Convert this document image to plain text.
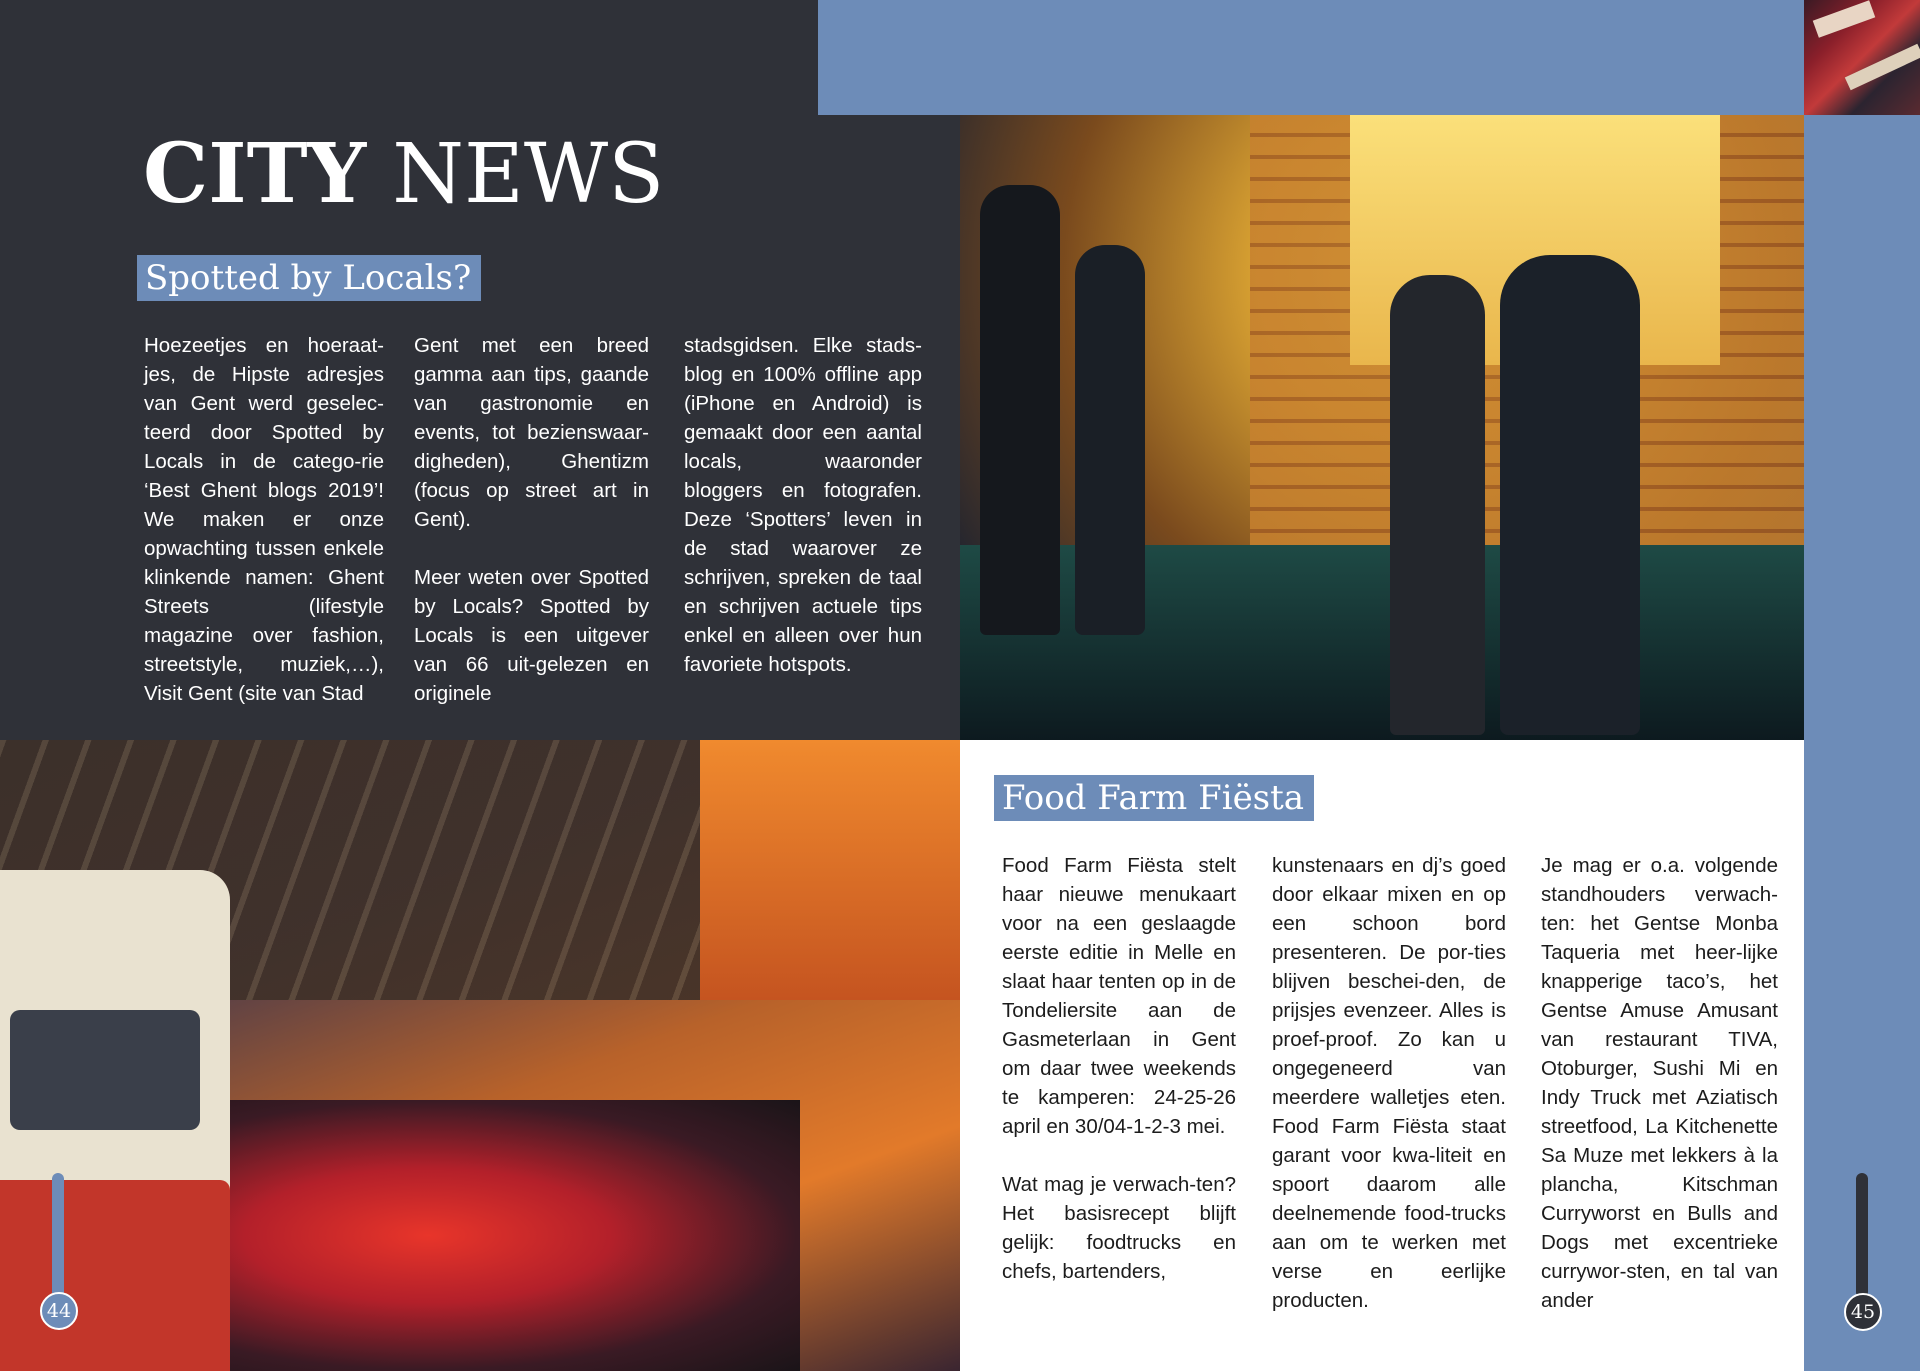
CITY NEWS
Spotted by Locals?

Hoezeetjes en hoeraat-jes, de Hipste adresjes van Gent werd geselec-teerd door Spotted by Locals in de catego-rie ‘Best Ghent blogs 2019’! We maken er onze opwachting tussen enkele klinkende namen: Ghent Streets (lifestyle magazine over fashion, streetstyle, muziek,…), Visit Gent (site van Stad

Gent met een breed gamma aan tips, gaande van gastronomie en events, tot bezienswaar-digheden), Ghentizm (focus op street art in Gent).

Meer weten over Spotted by Locals? Spotted by Locals is een uitgever van 66 uit-gelezen en originele

stadsgidsen. Elke stads-blog en 100% offline app (iPhone en Android) is gemaakt door een aantal locals, waaronder bloggers en fotografen. Deze ‘Spotters’ leven in de stad waarover ze schrijven, spreken de taal en schrijven actuele tips enkel en alleen over hun favoriete hotspots.

Food Farm Fiësta

Food Farm Fiësta stelt haar nieuwe menukaart voor na een geslaagde eerste editie in Melle en slaat haar tenten op in de Tondeliersite aan de Gasmeterlaan in Gent om daar twee weekends te kamperen: 24-25-26 april en 30/04-1-2-3 mei.

Wat mag je verwach-ten? Het basisrecept blijft gelijk: foodtrucks en chefs, bartenders,

kunstenaars en dj’s goed door elkaar mixen en op een schoon bord presenteren. De por-ties blijven beschei-den, de prijsjes evenzeer. Alles is proef-proof. Zo kan u ongegeneerd van meerdere walletjes eten. Food Farm Fiësta staat garant voor kwa-liteit en spoort daarom alle deelnemende food-trucks aan om te werken met verse en eerlijke producten.

Je mag er o.a. volgende standhouders verwach-ten: het Gentse Monba Taqueria met heer-lijke knapperige taco’s, het Gentse Amuse Amusant van restaurant TIVA, Otoburger, Sushi Mi en Indy Truck met Aziatisch streetfood, La Kitchenette Sa Muze met lekkers à la plancha, Kitschman Curryworst en Bulls and Dogs met excentrieke currywor-sten, en tal van ander

44	45
